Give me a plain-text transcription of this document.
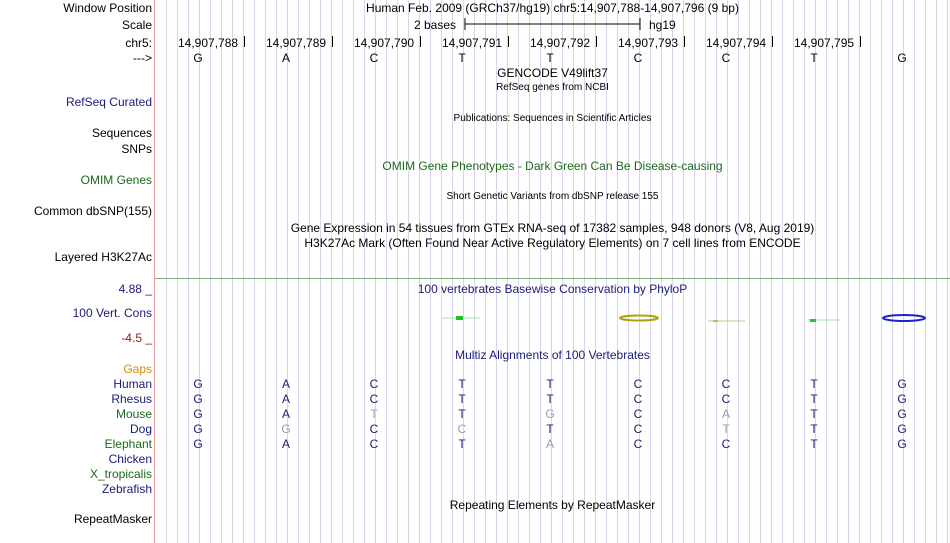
Window Position	Human Feb. 2009 (GRCh37/hg19) chr5:14,907,788-14,907,796 (9 bp)
Scale	2 bases	hg19
chr5: 14,907,788 14,907,789 14,907,790 14,907,791 14,907,792 14,907,793 14,907,794 14,907,795
--->	G	A	C	T	T	C	C	T	G
GENCODE V49lift37
RefSeq genes from NCBI
RefSeq Curated
Publications: Sequences in Scientific Articles
Sequences
SNPs
OMIM Gene Phenotypes - Dark Green Can Be Disease-causing
OMIM Genes
Short Genetic Variants from dbSNP release 155
Common dbSNP(155)
Gene Expression in 54 tissues from GTEx RNA-seq of 17382 samples, 948 donors (V8, Aug 2019)
H3K27Ac Mark (Often Found Near Active Regulatory Elements) on 7 cell lines from ENCODE
Layered H3K27Ac
4.88 _	100 vertebrates Basewise Conservation by PhyloP
100 Vert. Cons
-4.5 _
Multiz Alignments of 100 Vertebrates
Gaps
Human	G	A	C	T	T	C	C	T	G
Rhesus	G	A	C	T	T	C	C	T	G
Mouse	G	A	T	T	G	C	A	T	G
Dog	G	G	C	C	T	C	T	T	G
Elephant	G	A	C	T	A	C	C	T	G
Chicken
X_tropicalis
Zebrafish
Repeating Elements by RepeatMasker
RepeatMasker
